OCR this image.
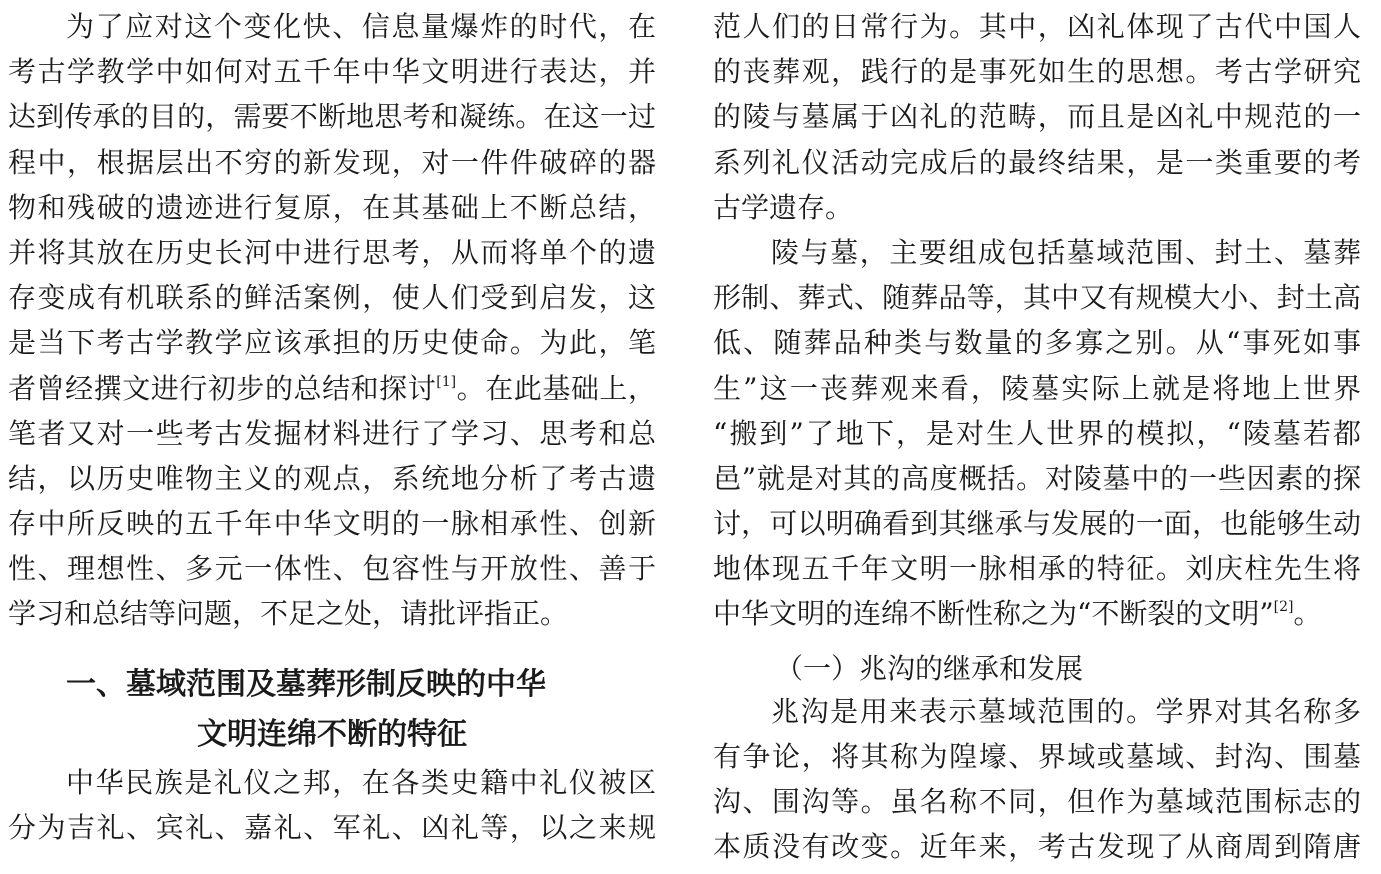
为了应对这个变化快、信息量爆炸的时代，在
考古学教学中如何对五千年中华文明进行表达，并
达到传承的目的，需要不断地思考和凝练。在这一过
程中，根据层出不穷的新发现，对一件件破碎的器
物和残破的遗迹进行复原，在其基础上不断总结，
并将其放在历史长河中进行思考，从而将单个的遗
存变成有机联系的鲜活案例，使人们受到启发，这
是当下考古学教学应该承担的历史使命。为此，笔
者曾经撰文进行初步的总结和探讨[1]。在此基础上，
笔者又对一些考古发掘材料进行了学习、思考和总
结，以历史唯物主义的观点，系统地分析了考古遗
存中所反映的五千年中华文明的一脉相承性、创新
性、理想性、多元一体性、包容性与开放性、善于
学习和总结等问题，不足之处，请批评指正。
一、墓域范围及墓葬形制反映的中华
文明连绵不断的特征
中华民族是礼仪之邦，在各类史籍中礼仪被区
分为吉礼、宾礼、嘉礼、军礼、凶礼等，以之来规
范人们的日常行为。其中，凶礼体现了古代中国人
的丧葬观，践行的是事死如生的思想。考古学研究
的陵与墓属于凶礼的范畴，而且是凶礼中规范的一
系列礼仪活动完成后的最终结果，是一类重要的考
古学遗存。
陵与墓，主要组成包括墓域范围、封土、墓葬
形制、葬式、随葬品等，其中又有规模大小、封土高
低、随葬品种类与数量的多寡之别。从“事死如事
生”这一丧葬观来看，陵墓实际上就是将地上世界
“搬到”了地下，是对生人世界的模拟，“陵墓若都
邑”就是对其的高度概括。对陵墓中的一些因素的探
讨，可以明确看到其继承与发展的一面，也能够生动
地体现五千年文明一脉相承的特征。刘庆柱先生将
中华文明的连绵不断性称之为“不断裂的文明”[2]。
（一）兆沟的继承和发展
兆沟是用来表示墓域范围的。学界对其名称多
有争论，将其称为隍壕、界域或墓域、封沟、围墓
沟、围沟等。虽名称不同，但作为墓域范围标志的
本质没有改变。近年来，考古发现了从商周到隋唐
